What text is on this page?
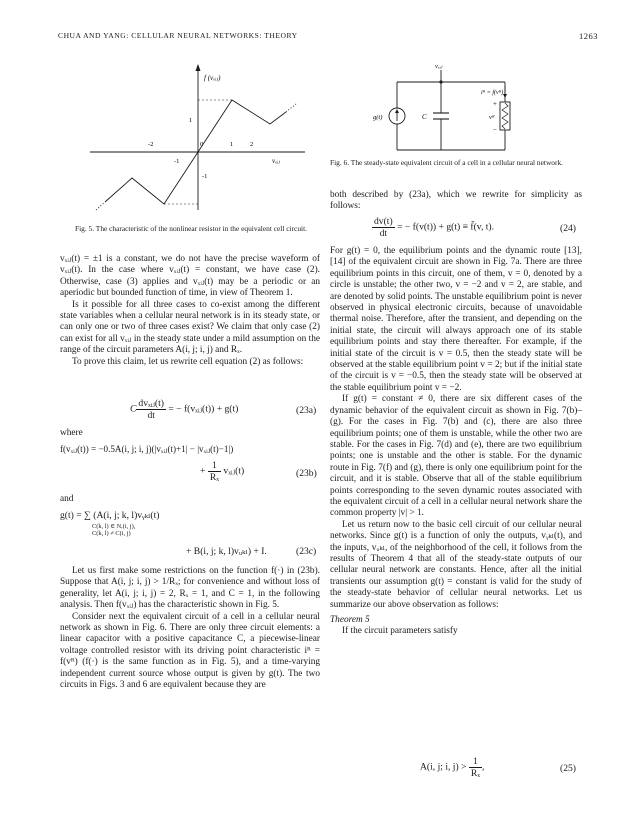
CHUA AND YANG: CELLULAR NEURAL NETWORKS: THEORY	1263
f (vₓᵢⱼ)
vₓᵢⱼ
-2	0	1	2
-1
1
-1
Fig. 5. The characteristic of the nonlinear resistor in the equivalent cell circuit.
vₓᵢⱼ
g(t)	C
iᴿ = f(vᴿ)
+
vᴿ
−
Fig. 6. The steady-state equivalent circuit of a cell in a cellular neural network.

vₓᵢⱼ(t) = ±1 is a constant, we do not have the precise waveform of vₓᵢⱼ(t). In the case where vₓᵢⱼ(t) = constant, we have case (2). Otherwise, case (3) applies and vₓᵢⱼ(t) may be a periodic or an aperiodic but bounded function of time, in view of Theorem 1.

Is it possible for all three cases to co-exist among the different state variables when a cellular neural network is in its steady state, or can only one or two of three cases exist? We claim that only case (2) can exist for all vₓᵢⱼ in the steady state under a mild assumption on the range of the circuit parameters A(i, j; i, j) and Rₓ.

To prove this claim, let us rewrite cell equation (2) as follows:

C $\frac{\text{dvₓᵢⱼ(t)}}{dt}$ = − f(vₓᵢⱼ(t)) + g(t)	(23a)
where
f(vₓᵢⱼ(t)) = −0.5A(i, j; i, j)(|vₓᵢⱼ(t)+1| − |vₓᵢⱼ(t)−1|)
+ $\frac{1}{\text{Rₓ}}$ vₓᵢⱼ(t)	(23b)
and
g(t) = ∑ (A(i, j; k, l)vᵧₖₗ(t)
C(k, l) ∈ Nᵣ(i, j),
C(k, l) ≠ C(i, j)
+ B(i, j; k, l)vᵤₖₗ) + I.	(23c)

Let us first make some restrictions on the function f(·) in (23b). Suppose that A(i, j; i, j) > 1/Rₓ; for convenience and without loss of generality, let A(i, j; i, j) = 2, Rₓ = 1, and C = 1, in the following analysis. Then f(vₓᵢⱼ) has the characteristic shown in Fig. 5.

Consider next the equivalent circuit of a cell in a cellular neural network as shown in Fig. 6. There are only three circuit elements: a linear capacitor with a positive capacitance C, a piecewise-linear voltage controlled resistor with its driving point characteristic iᴿ = f(vᴿ) (f(·) is the same function as in Fig. 5), and a time-varying independent current source whose output is given by g(t). The two circuits in Figs. 3 and 6 are equivalent because they are

both described by (23a), which we rewrite for simplicity as follows:
$\frac{dv(t)}{dt}$ = − f(v(t)) + g(t) ≡ f̃(v, t).	(24)

For g(t) = 0, the equilibrium points and the dynamic route [13], [14] of the equivalent circuit are shown in Fig. 7a. There are three equilibrium points in this circuit, one of them, v = 0, denoted by a circle is unstable; the other two, v = −2 and v = 2, are stable, and are denoted by solid points. The unstable equilibrium point is never observed in physical electronic circuits, because of unavoidable thermal noise. Therefore, after the transient, and depending on the initial state, the circuit will always approach one of its stable equilibrium points and stay there thereafter. For example, if the initial state of the circuit is v = 0.5, then the steady state will be observed at the stable equilibrium point v = 2; but if the initial state of the circuit is v = −0.5, then the steady state will be observed at the stable equilibrium point v = −2.

If g(t) = constant ≠ 0, there are six different cases of the dynamic behavior of the equivalent circuit as shown in Fig. 7(b)–(g). For the cases in Fig. 7(b) and (c), there are also three equilibrium points; one of them is unstable, while the other two are stable. For the cases in Fig. 7(d) and (e), there are two equilibrium points; one is unstable and the other is stable. For the dynamic route in Fig. 7(f) and (g), there is only one equilibrium point for the circuit, and it is stable. Observe that all of the stable equilibrium points corresponding to the seven dynamic routes associated with the equivalent circuit of a cell in a cellular neural network share the common property |v| > 1.

Let us return now to the basic cell circuit of our cellular neural networks. Since g(t) is a function of only the outputs, vᵧₖₗ(t), and the inputs, vᵤₖₗ, of the neighborhood of the cell, it follows from the results of Theorem 4 that all of the steady-state outputs of our cellular neural network are constants. Hence, after all the initial transients our assumption g(t) = constant is valid for the study of the steady-state behavior of cellular neural networks. Let us summarize our above observation as follows:

Theorem 5

If the circuit parameters satisfy

A(i, j; i, $j) > \frac{1}{\text{Rₓ}}$ ,	(25)
